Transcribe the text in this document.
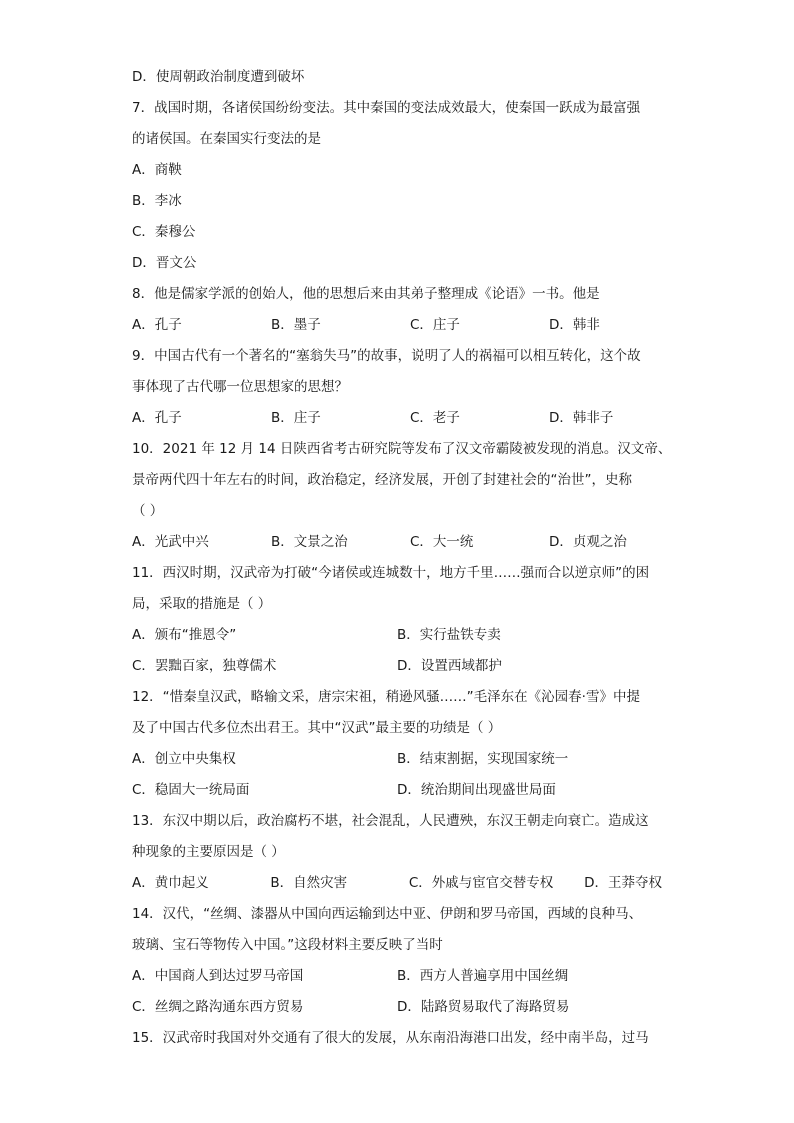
D．使周朝政治制度遭到破坏
7．战国时期，各诸侯国纷纷变法。其中秦国的变法成效最大，使秦国一跃成为最富强
的诸侯国。在秦国实行变法的是
A．商鞅
B．李冰
C．秦穆公
D．晋文公
8．他是儒家学派的创始人，他的思想后来由其弟子整理成《论语》一书。他是
A．孔子	B．墨子	C．庄子	D．韩非
9．中国古代有一个著名的“塞翁失马”的故事，说明了人的祸福可以相互转化，这个故
事体现了古代哪一位思想家的思想？
A．孔子	B．庄子	C．老子	D．韩非子
10．2021 年 12 月 14 日陕西省考古研究院等发布了汉文帝霸陵被发现的消息。汉文帝、
景帝两代四十年左右的时间，政治稳定，经济发展，开创了封建社会的“治世”，史称
（ ）
A．光武中兴	B．文景之治	C．大一统	D．贞观之治
11．西汉时期，汉武帝为打破“今诸侯或连城数十，地方千里……强而合以逆京师”的困
局，采取的措施是（ ）
A．颁布“推恩令”	B．实行盐铁专卖
C．罢黜百家，独尊儒术	D．设置西域都护
12．“惜秦皇汉武，略输文采，唐宗宋祖，稍逊风骚……”毛泽东在《沁园春·雪》中提
及了中国古代多位杰出君王。其中“汉武”最主要的功绩是（ ）
A．创立中央集权	B．结束割据，实现国家统一
C．稳固大一统局面	D．统治期间出现盛世局面
13．东汉中期以后，政治腐朽不堪，社会混乱，人民遭殃，东汉王朝走向衰亡。造成这
种现象的主要原因是（ ）
A．黄巾起义	B．自然灾害	C．外戚与宦官交替专权	D．王莽夺权
14．汉代，“丝绸、漆器从中国向西运输到达中亚、伊朗和罗马帝国，西域的良种马、
玻璃、宝石等物传入中国。”这段材料主要反映了当时
A．中国商人到达过罗马帝国	B．西方人普遍享用中国丝绸
C．丝绸之路沟通东西方贸易	D．陆路贸易取代了海路贸易
15．汉武帝时我国对外交通有了很大的发展，从东南沿海港口出发，经中南半岛，过马
